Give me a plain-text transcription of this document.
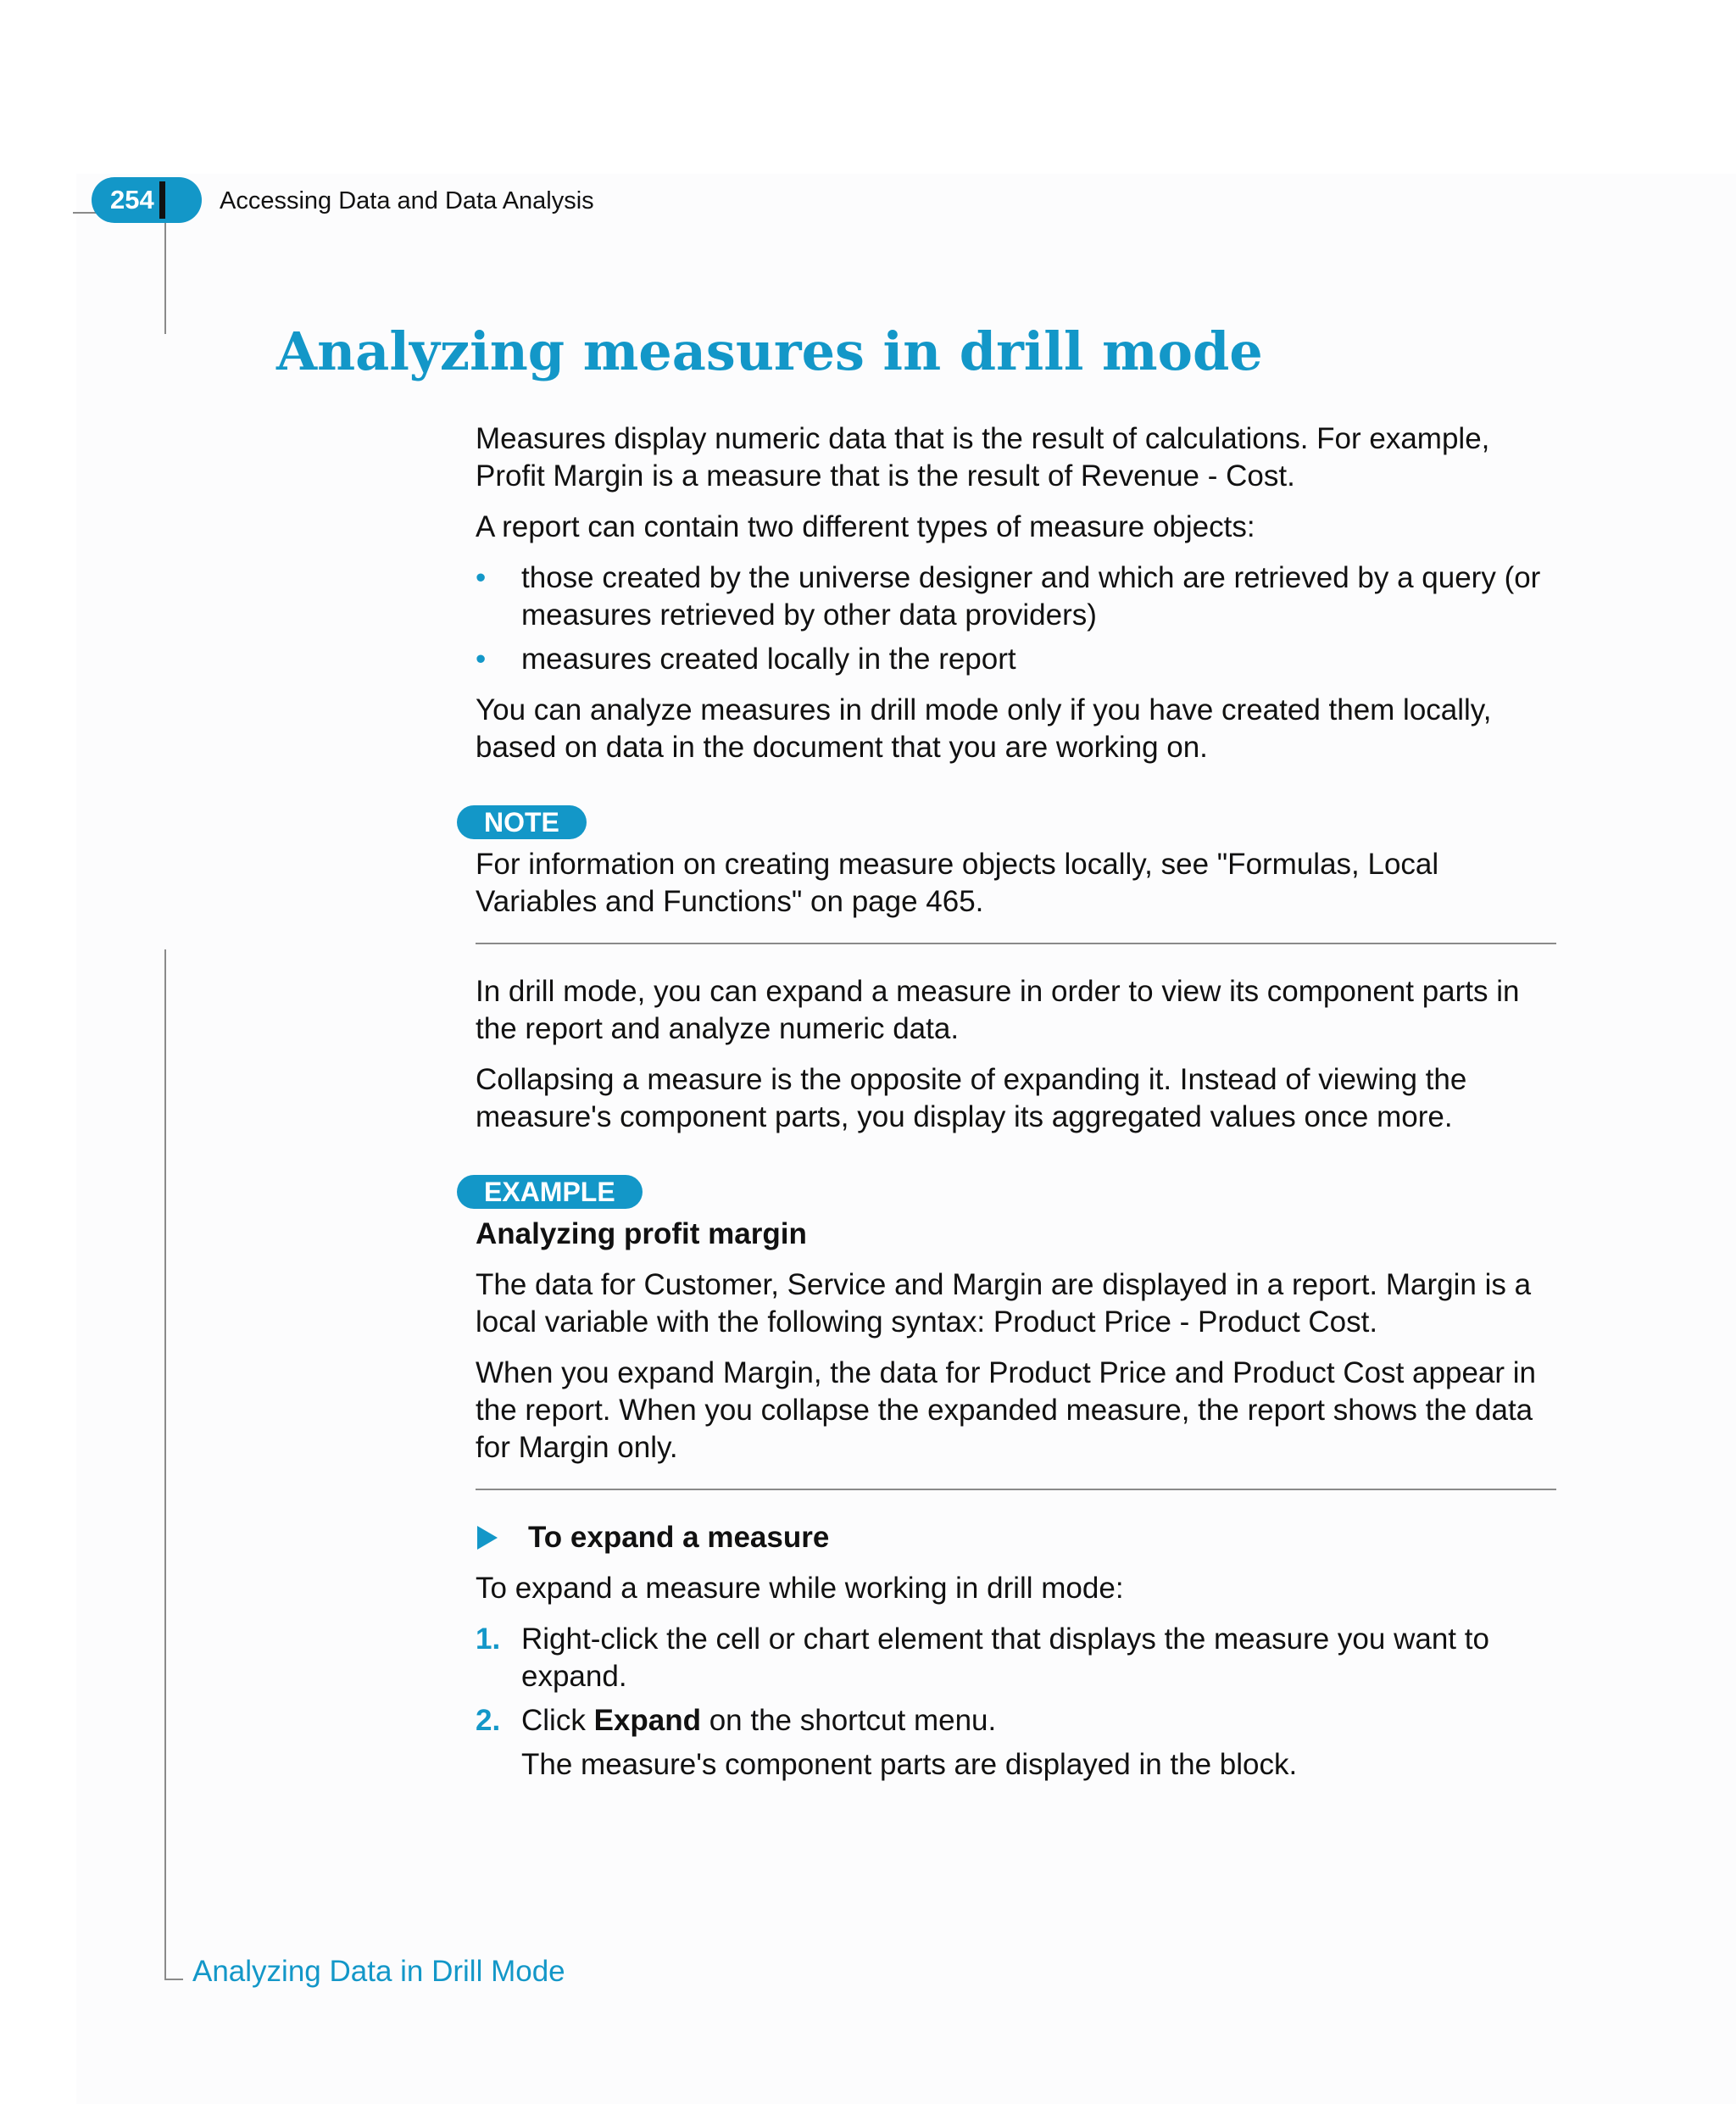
254	Accessing Data and Data Analysis
Analyzing measures in drill mode

Measures display numeric data that is the result of calculations. For example, Profit Margin is a measure that is the result of Revenue - Cost.

A report can contain two different types of measure objects:

• those created by the universe designer and which are retrieved by a query (or measures retrieved by other data providers)
• measures created locally in the report

You can analyze measures in drill mode only if you have created them locally, based on data in the document that you are working on.

NOTE

For information on creating measure objects locally, see "Formulas, Local Variables and Functions" on page 465.

In drill mode, you can expand a measure in order to view its component parts in the report and analyze numeric data.

Collapsing a measure is the opposite of expanding it. Instead of viewing the measure's component parts, you display its aggregated values once more.

EXAMPLE

Analyzing profit margin

The data for Customer, Service and Margin are displayed in a report. Margin is a local variable with the following syntax: Product Price - Product Cost.

When you expand Margin, the data for Product Price and Product Cost appear in the report. When you collapse the expanded measure, the report shows the data for Margin only.

To expand a measure

To expand a measure while working in drill mode:

1. Right-click the cell or chart element that displays the measure you want to expand.
2. Click Expand on the shortcut menu.
The measure's component parts are displayed in the block.
Analyzing Data in Drill Mode
